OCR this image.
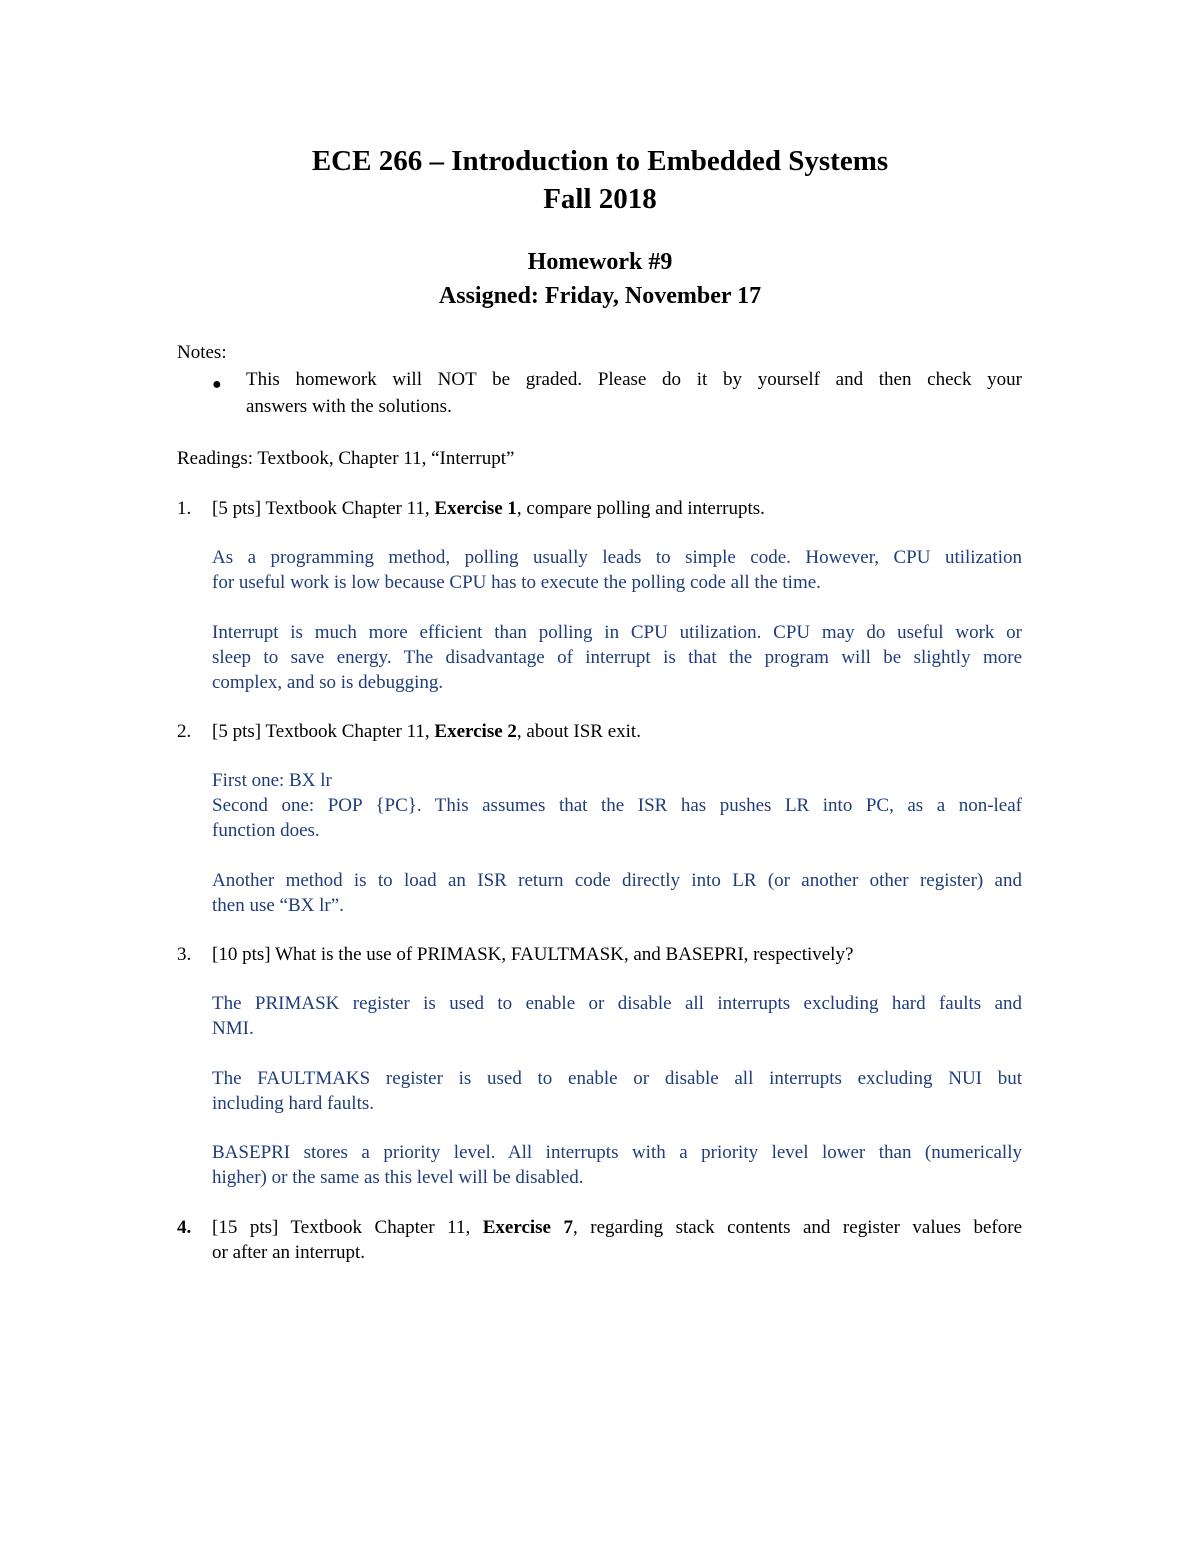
ECE 266 – Introduction to Embedded Systems
Fall 2018
Homework #9
Assigned: Friday, November 17
Notes:
● This homework will NOT be graded. Please do it by yourself and then check your
answers with the solutions.
Readings: Textbook, Chapter 11, “Interrupt”
1. [5 pts] Textbook Chapter 11, Exercise 1, compare polling and interrupts.
As a programming method, polling usually leads to simple code. However, CPU utilization
for useful work is low because CPU has to execute the polling code all the time.
Interrupt is much more efficient than polling in CPU utilization. CPU may do useful work or
sleep to save energy. The disadvantage of interrupt is that the program will be slightly more
complex, and so is debugging.
2. [5 pts] Textbook Chapter 11, Exercise 2, about ISR exit.
First one: BX lr
Second one: POP {PC}. This assumes that the ISR has pushes LR into PC, as a non-leaf
function does.
Another method is to load an ISR return code directly into LR (or another other register) and
then use “BX lr”.
3. [10 pts] What is the use of PRIMASK, FAULTMASK, and BASEPRI, respectively?
The PRIMASK register is used to enable or disable all interrupts excluding hard faults and
NMI.
The FAULTMAKS register is used to enable or disable all interrupts excluding NUI but
including hard faults.
BASEPRI stores a priority level. All interrupts with a priority level lower than (numerically
higher) or the same as this level will be disabled.
4. [15 pts] Textbook Chapter 11, Exercise 7, regarding stack contents and register values before
or after an interrupt.
